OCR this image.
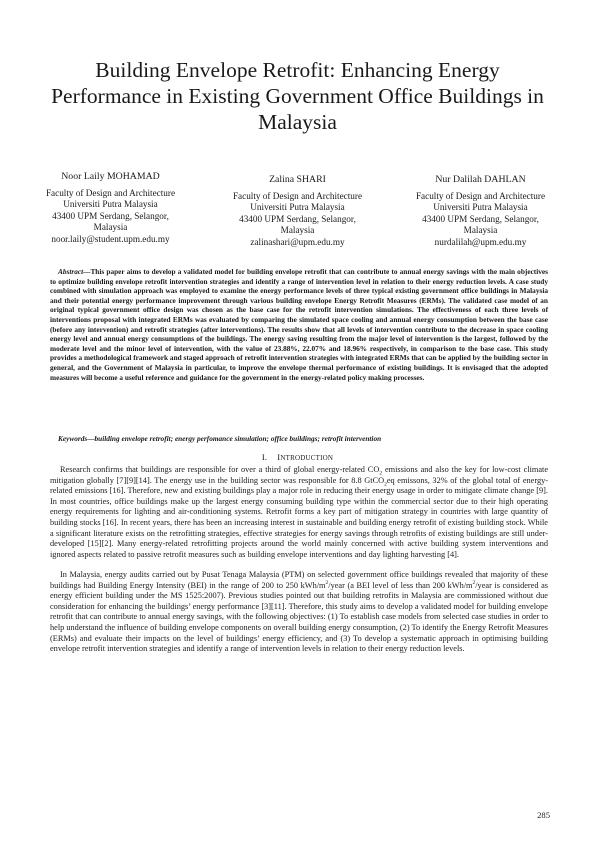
Building Envelope Retrofit: Enhancing Energy Performance in Existing Government Office Buildings in Malaysia
Noor Laily MOHAMAD
Faculty of Design and Architecture
Universiti Putra Malaysia
43400 UPM Serdang, Selangor,
Malaysia
noor.laily@student.upm.edu.my
Zalina SHARI
Faculty of Design and Architecture
Universiti Putra Malaysia
43400 UPM Serdang, Selangor,
Malaysia
zalinashari@upm.edu.my
Nur Dalilah DAHLAN
Faculty of Design and Architecture
Universiti Putra Malaysia
43400 UPM Serdang, Selangor,
Malaysia
nurdalilah@upm.edu.my

Abstract—This paper aims to develop a validated model for building envelope retrofit that can contribute to annual energy savings with the main objectives to optimize building envelope retrofit intervention strategies and identify a range of intervention level in relation to their energy reduction levels. A case study combined with simulation approach was employed to examine the energy performance levels of three typical existing government office buildings in Malaysia and their potential energy performance improvement through various building envelope Energy Retrofit Measures (ERMs). The validated case model of an original typical government office design was chosen as the base case for the retrofit intervention simulations. The effectiveness of each three levels of interventions proposal with integrated ERMs was evaluated by comparing the simulated space cooling and annual energy consumption between the base case (before any intervention) and retrofit strategies (after interventions). The results show that all levels of intervention contribute to the decrease in space cooling energy level and annual energy consumptions of the buildings. The energy saving resulting from the major level of intervention is the largest, followed by the moderate level and the minor level of intervention, with the value of 23.88%, 22.07% and 18.96% respectively, in comparison to the base case. This study provides a methodological framework and staged approach of retrofit intervention strategies with integrated ERMs that can be applied by the building sector in general, and the Government of Malaysia in particular, to improve the envelope thermal performance of existing buildings. It is envisaged that the adopted measures will become a useful reference and guidance for the government in the energy-related policy making processes.

Keywords—building envelope retrofit; energy perfomance simulation; office buildings; retrofit intervention

I. INTRODUCTION

Research confirms that buildings are responsible for over a third of global energy-related $CO_2$ emissions and also the key for low-cost climate mitigation globally [7][9][14]. The energy use in the building sector was responsible for 8.8 GtCO$_2$eq emissons, 32% of the global total of energy-related emissions [16]. Therefore, new and existing buildings play a major role in reducing their energy usage in order to mitigate climate change [9]. In most countries, office buildings make up the largest energy consuming building type within the commercial sector due to their high operating energy requirements for lighting and air-conditioning systems. Retrofit forms a key part of mitigation strategy in countries with large quantity of building stocks [16]. In recent years, there has been an increasing interest in sustainable and building energy retrofit of existing building stock. While a significant literature exists on the retrofitting strategies, effective strategies for energy savings through retrofits of existing buildings are still under-developed [15][2]. Many energy-related retrofitting projects around the world mainly concerned with active building system interventions and ignored aspects related to passive retrofit measures such as building envelope interventions and day lighting harvesting [4].

In Malaysia, energy audits carried out by Pusat Tenaga Malaysia (PTM) on selected government office buildings revealed that majority of these buildings had Building Energy Intensity (BEI) in the range of 200 to 250 kWh/$m^2$/year (a BEI level of less than 200 kWh/$m^2$/year is considered as energy efficient building under the MS 1525:2007). Previous studies pointed out that building retrofits in Malaysia are commissioned without due consideration for enhancing the buildings’ energy performance [3][11]. Therefore, this study aims to develop a validated model for building envelope retrofit that can contribute to annual energy savings, with the following objectives: (1) To establish case models from selected case studies in order to help understand the influence of building envelope components on overall building energy consumption, (2) To identify the Energy Retrofit Measures (ERMs) and evaluate their impacts on the level of buildings’ energy efficiency, and (3) To develop a systematic approach in optimising building envelope retrofit intervention strategies and identify a range of intervention levels in relation to their energy reduction levels.

285
